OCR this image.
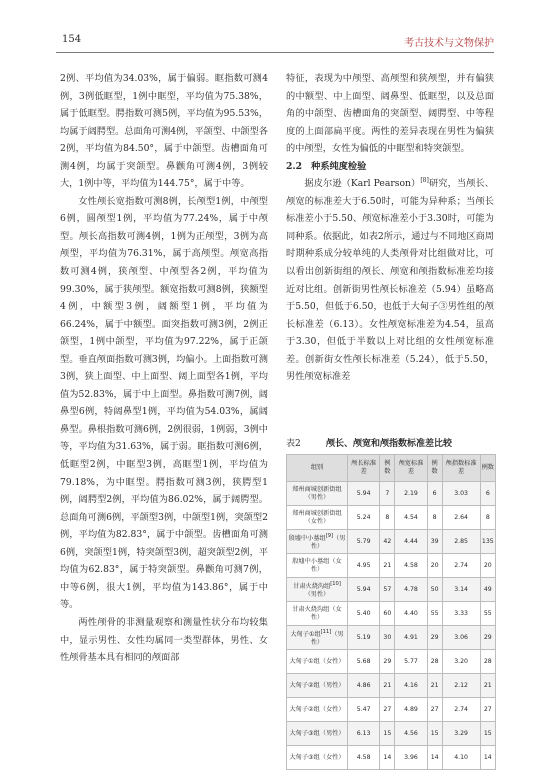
154	考古技术与文物保护

2例、平均值为34.03%，属于偏弱。眶指数可测4例，3例低眶型，1例中眶型，平均值为75.38%，属于低眶型。腭指数可测5例，平均值为95.53%，均属于阔腭型。总面角可测4例，平颌型、中颌型各2例，平均值为84.50°，属于中颌型。齿槽面角可测4例，均属于突颌型。鼻颧角可测4例，3例较大，1例中等，平均值为144.75°，属于中等。

女性颅长宽指数可测8例，长颅型1例，中颅型6例，圆颅型1例，平均值为77.24%，属于中颅型。颅长高指数可测4例，1例为正颅型，3例为高颅型，平均值为76.31%，属于高颅型。颅宽高指数可测4例，狭颅型、中颅型各2例，平均值为99.30%，属于狭颅型。额宽指数可测8例，狭额型4例，中额型3例，阔额型1例，平均值为66.24%，属于中额型。面突指数可测3例，2例正颌型，1例中颌型，平均值为97.22%，属于正颌型。垂直颅面指数可测3例，均偏小。上面指数可测3例，狭上面型、中上面型、阔上面型各1例，平均值为52.83%，属于中上面型。鼻指数可测7例，阔鼻型6例，特阔鼻型1例，平均值为54.03%，属阔鼻型。鼻根指数可测6例，2例很弱，1例弱，3例中等，平均值为31.63%，属于弱。眶指数可测6例，低眶型2例，中眶型3例，高眶型1例，平均值为79.18%，为中眶型。腭指数可测3例，狭腭型1例，阔腭型2例，平均值为86.02%，属于阔腭型。总面角可测6例，平颌型3例，中颌型1例，突颌型2例，平均值为82.83°，属于中颌型。齿槽面角可测6例，突颌型1例，特突颌型3例，超突颌型2例，平均值为62.83°，属于特突颌型。鼻颧角可测7例，中等6例，很大1例，平均值为143.86°，属于中等。

两性颅骨的非测量观察和测量性状分布均较集中，显示男性、女性均属同一类型群体，男性、女性颅骨基本具有相同的颅面部

特征，表现为中颅型、高颅型和狭颅型，并有偏狭的中额型、中上面型、阔鼻型、低眶型，以及总面角的中颌型、齿槽面角的突颌型、阔腭型、中等程度的上面部扁平度。两性的差异表现在男性为偏狭的中颅型，女性为偏低的中眶型和特突颌型。

2.2　种系纯度检验

据皮尔逊（Karl Pearson）[8]研究，当颅长、颅宽的标准差大于6.50时，可能为异种系；当颅长标准差小于5.50、颅宽标准差小于3.30时，可能为同种系。依据此，如表2所示，通过与不同地区商周时期种系成分较单纯的人类颅骨对比组做对比，可以看出创新街组的颅长、颅宽和颅指数标准差均接近对比组。创新街男性颅长标准差（5.94）虽略高于5.50，但低于6.50，也低于大甸子③男性组的颅长标准差（6.13）。女性颅宽标准差为4.54，虽高于3.30，但低于半数以上对比组的女性颅宽标准差。创新街女性颅长标准差（5.24），低于5.50，男性颅宽标准差

表2	颅长、颅宽和颅指数标准差比较
组别	颅长标准差	例数	颅宽标准差	例数	颅指数标准差	例数
郑州商城创新街组（男性）	5.94	7	2.19	6	3.03	6
郑州商城创新街组（女性）	5.24	8	4.54	8	2.64	8
殷墟中小墓组[9]（男性）	5.79	42	4.44	39	2.85	135
殷墟中小墓组（女性）	4.95	21	4.58	20	2.74	20
甘肃火烧沟组[10]（男性）	5.94	57	4.78	50	3.14	49
甘肃火烧沟组（女性）	5.40	60	4.40	55	3.33	55
大甸子①组[11]（男性）	5.19	30	4.91	29	3.06	29
大甸子①组（女性）	5.68	29	5.77	28	3.20	28
大甸子②组（男性）	4.86	21	4.16	21	2.12	21
大甸子②组（女性）	5.47	27	4.89	27	2.74	27
大甸子③组（男性）	6.13	15	4.56	15	3.29	15
大甸子③组（女性）	4.58	14	3.96	14	4.10	14
